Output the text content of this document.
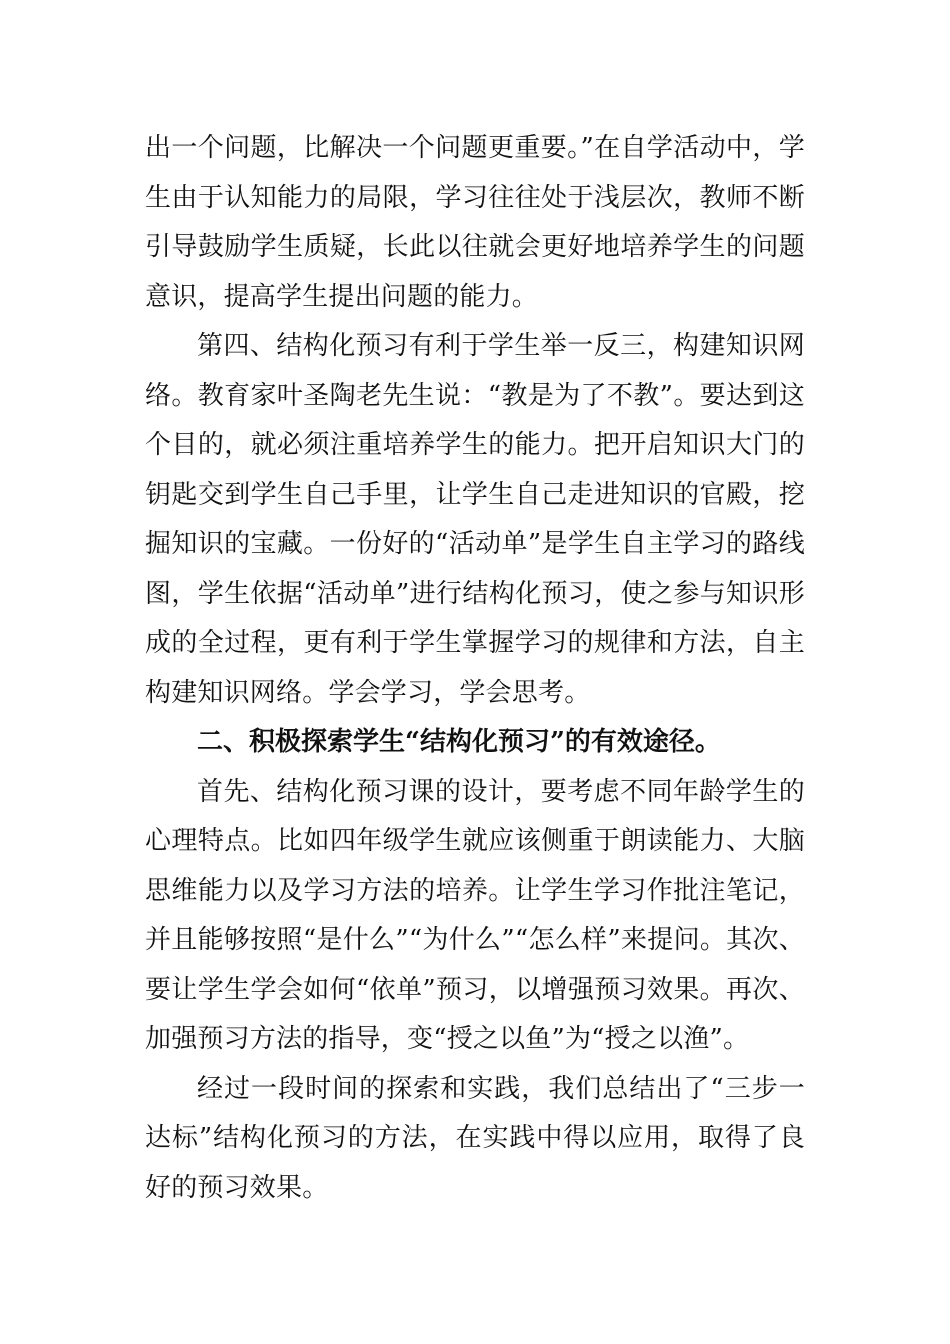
出一个问题，比解决一个问题更重要。”在自学活动中，学生由于认知能力的局限，学习往往处于浅层次，教师不断引导鼓励学生质疑，长此以往就会更好地培养学生的问题意识，提高学生提出问题的能力。

第四、结构化预习有利于学生举一反三，构建知识网络。教育家叶圣陶老先生说：“教是为了不教”。要达到这个目的，就必须注重培养学生的能力。把开启知识大门的钥匙交到学生自己手里，让学生自己走进知识的官殿，挖掘知识的宝藏。一份好的“活动单”是学生自主学习的路线图，学生依据“活动单”进行结构化预习，使之参与知识形成的全过程，更有利于学生掌握学习的规律和方法，自主构建知识网络。学会学习，学会思考。

二、积极探索学生“结构化预习”的有效途径。

首先、结构化预习课的设计，要考虑不同年龄学生的心理特点。比如四年级学生就应该侧重于朗读能力、大脑思维能力以及学习方法的培养。让学生学习作批注笔记，并且能够按照“是什么”“为什么”“怎么样”来提问。其次、要让学生学会如何“依单”预习，以增强预习效果。再次、加强预习方法的指导，变“授之以鱼”为“授之以渔”。

经过一段时间的探索和实践，我们总结出了“三步一达标”结构化预习的方法，在实践中得以应用，取得了良好的预习效果。
